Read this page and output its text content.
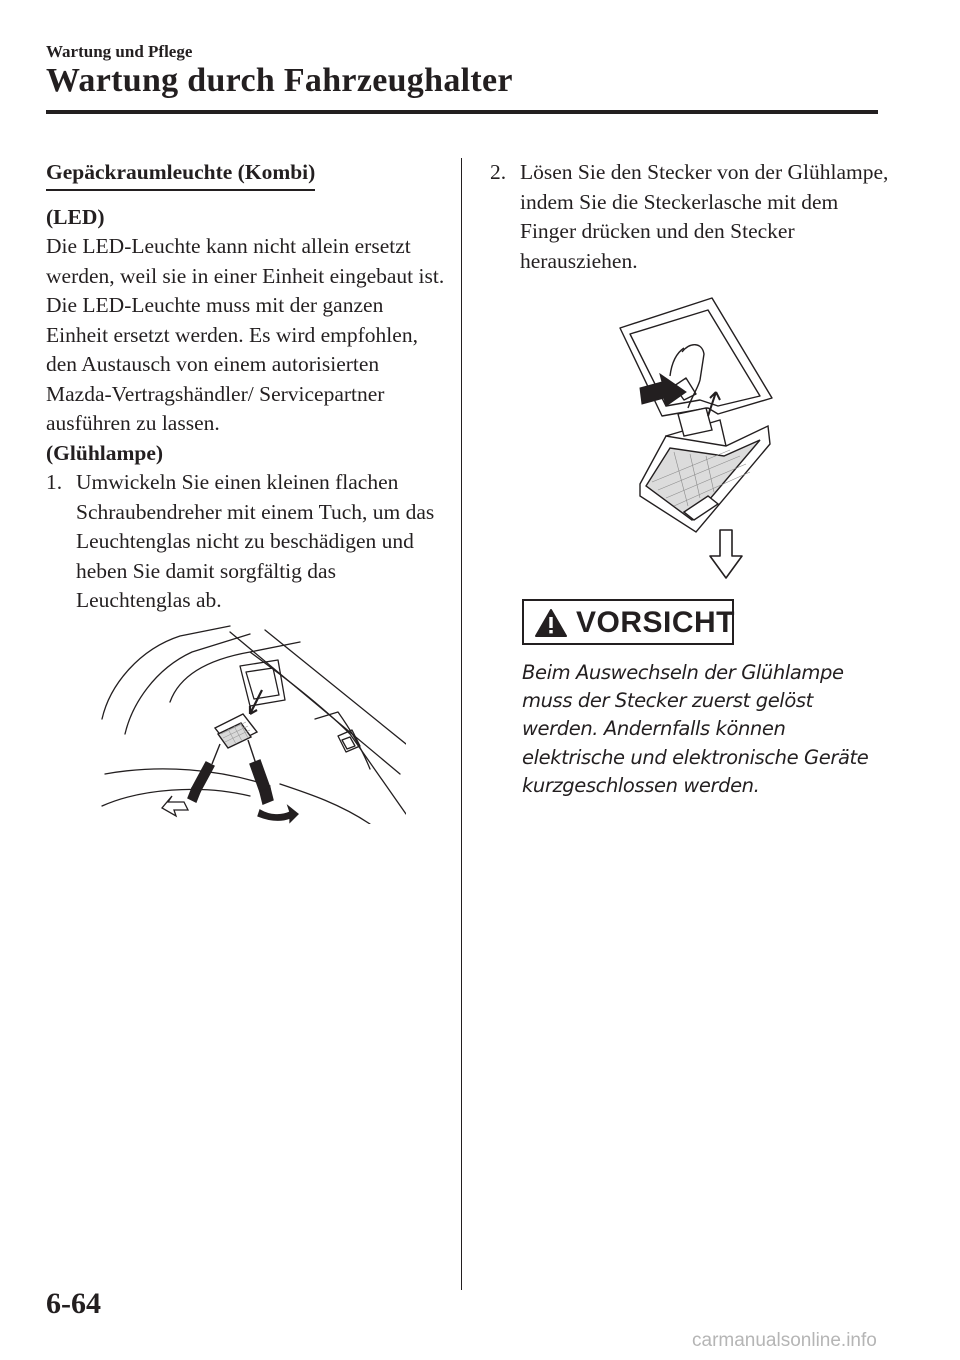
Wartung und Pflege
Wartung durch Fahrzeughalter
Gepäckraumleuchte (Kombi)

(LED)

Die LED-Leuchte kann nicht allein ersetzt werden, weil sie in einer Einheit eingebaut ist.

Die LED-Leuchte muss mit der ganzen Einheit ersetzt werden. Es wird empfohlen, den Austausch von einem autorisierten Mazda-Vertragshändler/ Servicepartner ausführen zu lassen.

(Glühlampe)

1. Umwickeln Sie einen kleinen flachen Schraubendreher mit einem Tuch, um das Leuchtenglas nicht zu beschädigen und heben Sie damit sorgfältig das Leuchtenglas ab.
2. Lösen Sie den Stecker von der Glühlampe, indem Sie die Steckerlasche mit dem Finger drücken und den Stecker herausziehen.
VORSICHT
Beim Auswechseln der Glühlampe muss der Stecker zuerst gelöst werden. Andernfalls können elektrische und elektronische Geräte kurzgeschlossen werden.
6-64
carmanualsonline.info
